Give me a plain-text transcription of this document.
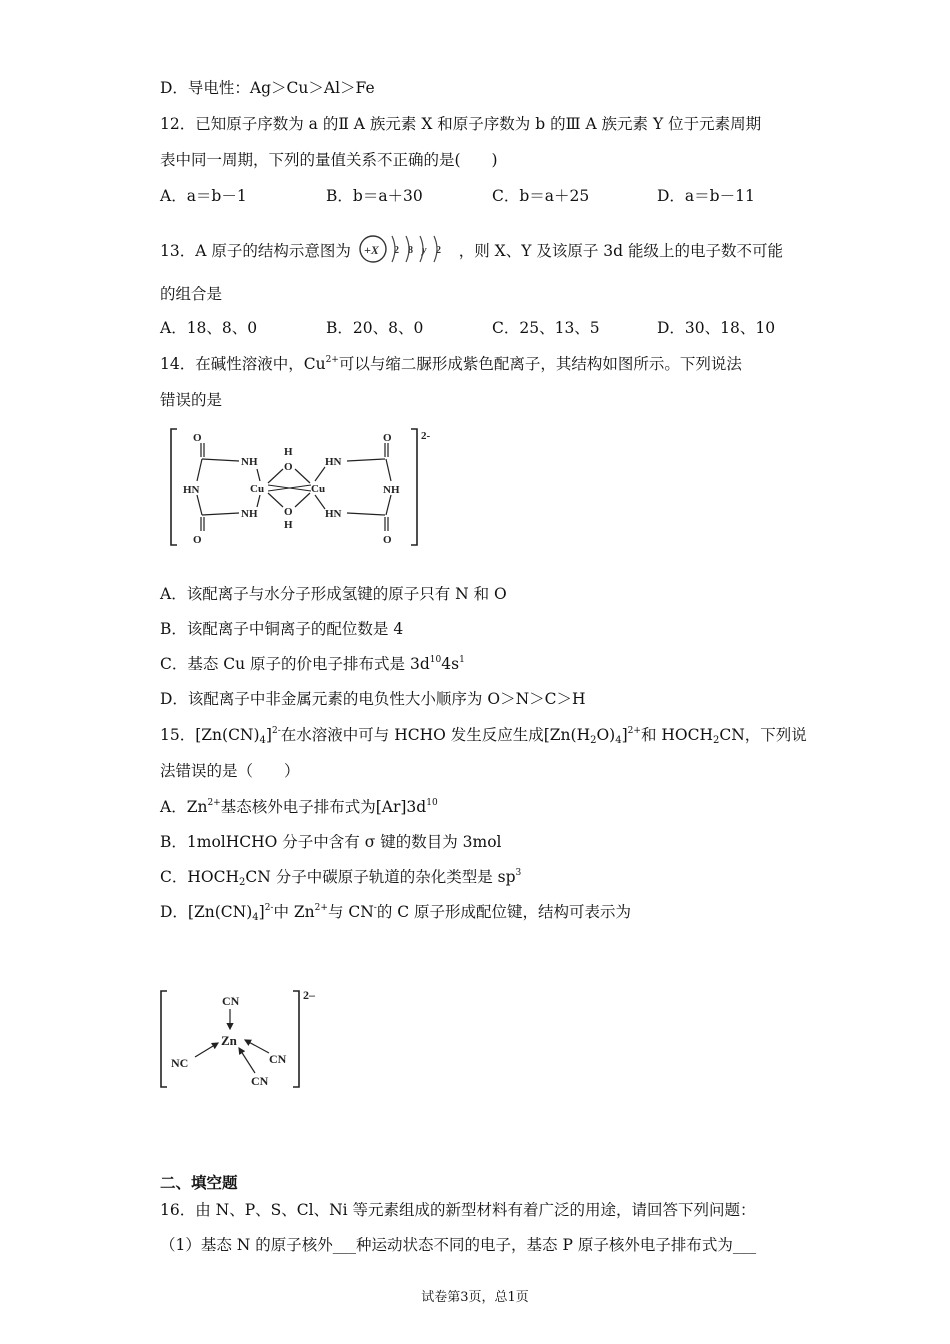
D．导电性：Ag＞Cu＞Al＞Fe
12．已知原子序数为 a 的Ⅱ A 族元素 X 和原子序数为 b 的Ⅲ A 族元素 Y 位于元素周期
表中同一周期，下列的量值关系不正确的是(　　)
A．a＝b－1	B．b＝a＋30	C．b＝a＋25	D．a＝b－11
13．A 原子的结构示意图为 +X 2 8 y 2 ，则 X、Y 及该原子 3d 能级上的电子数不可能
的组合是
A．18、8、0	B．20、8、0	C．25、13、5	D．30、18、10
14．在碱性溶液中，$Cu^{2+}$可以与缩二脲形成紫色配离子，其结构如图所示。下列说法
错误的是
2-
O
NH
HN
NH
O
H
O
Cu	Cu
O
H
HN
NH
HN
O
O
A．该配离子与水分子形成氢键的原子只有 N 和 O
B．该配离子中铜离子的配位数是 4
C．基态 Cu 原子的价电子排布式是 $3d^{10}4s^1$
D．该配离子中非金属元素的电负性大小顺序为 O＞N＞C＞H
15．$[Zn(CN)_4]^{2-}$在水溶液中可与 HCHO 发生反应生成$[Zn(H_2O)_4]^{2+}$和 $HOCH_2CN$，下列说
法错误的是（　　）
A．$Zn^{2+}$基态核外电子排布式为$[Ar]3d^{10}$
B．1molHCHO 分子中含有 σ 键的数目为 3mol
C．$HOCH_2CN$ 分子中碳原子轨道的杂化类型是 $sp^3$
D．$[Zn(CN)_4]^{2-}$中 $Zn^{2+}$与 CN-的 C 原子形成配位键，结构可表示为
2–
Zn
CN
NC	CN
CN
二、填空题
16．由 N、P、S、Cl、Ni 等元素组成的新型材料有着广泛的用途，请回答下列问题：
（1）基态 N 的原子核外___种运动状态不同的电子，基态 P 原子核外电子排布式为___
试卷第3页，总1页
